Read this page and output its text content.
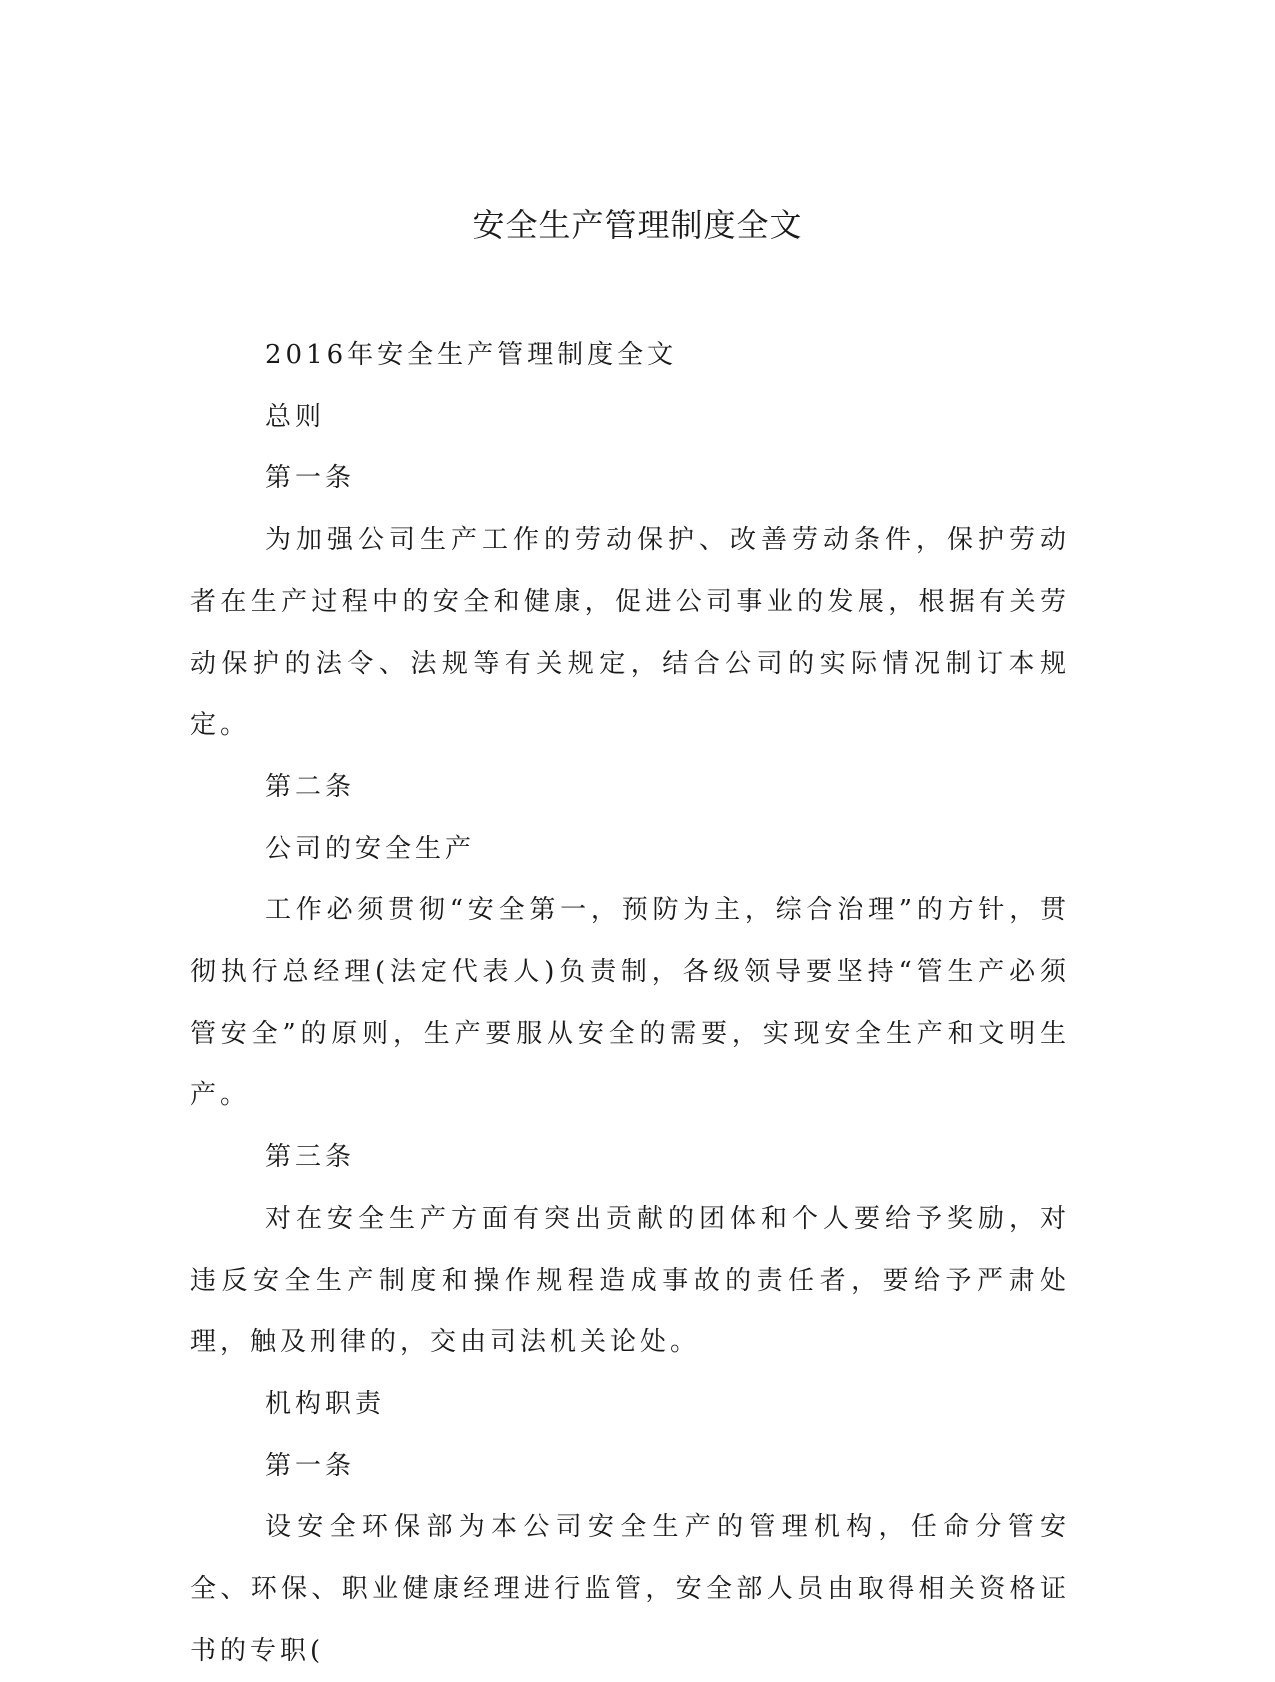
安全生产管理制度全文

2016年安全生产管理制度全文

总则

第一条

为加强公司生产工作的劳动保护、改善劳动条件，保护劳动者在生产过程中的安全和健康，促进公司事业的发展，根据有关劳动保护的法令、法规等有关规定，结合公司的实际情况制订本规定。

第二条

公司的安全生产

工作必须贯彻“安全第一，预防为主，综合治理”的方针，贯彻执行总经理(法定代表人)负责制，各级领导要坚持“管生产必须管安全”的原则，生产要服从安全的需要，实现安全生产和文明生产。

第三条

对在安全生产方面有突出贡献的团体和个人要给予奖励，对违反安全生产制度和操作规程造成事故的责任者，要给予严肃处理，触及刑律的，交由司法机关论处。

机构职责

第一条

设安全环保部为本公司安全生产的管理机构，任命分管安全、环保、职业健康经理进行监管，安全部人员由取得相关资格证书的专职(
